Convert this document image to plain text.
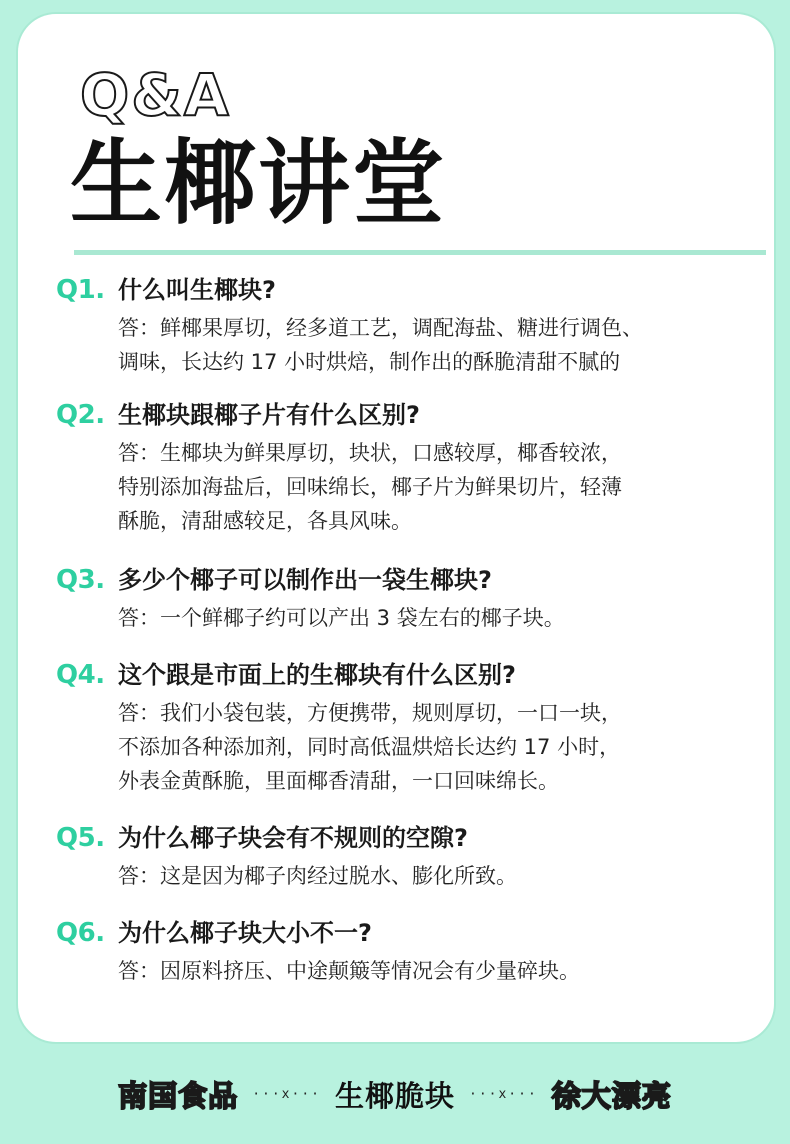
Q&A
生椰讲堂
Q1. 什么叫生椰块?
答：鲜椰果厚切，经多道工艺，调配海盐、糖进行调色、
调味，长达约 17 小时烘焙，制作出的酥脆清甜不腻的
Q2. 生椰块跟椰子片有什么区别?
答：生椰块为鲜果厚切，块状，口感较厚，椰香较浓，
特别添加海盐后，回味绵长，椰子片为鲜果切片，轻薄
酥脆，清甜感较足，各具风味。
Q3. 多少个椰子可以制作出一袋生椰块?
答：一个鲜椰子约可以产出 3 袋左右的椰子块。
Q4. 这个跟是市面上的生椰块有什么区别?
答：我们小袋包装，方便携带，规则厚切，一口一块，
不添加各种添加剂，同时高低温烘焙长达约 17 小时，
外表金黄酥脆，里面椰香清甜，一口回味绵长。
Q5. 为什么椰子块会有不规则的空隙?
答：这是因为椰子肉经过脱水、膨化所致。
Q6. 为什么椰子块大小不一?
答：因原料挤压、中途颠簸等情况会有少量碎块。
南国食品 ···x··· 生椰脆块 ···x··· 徐大漂亮
